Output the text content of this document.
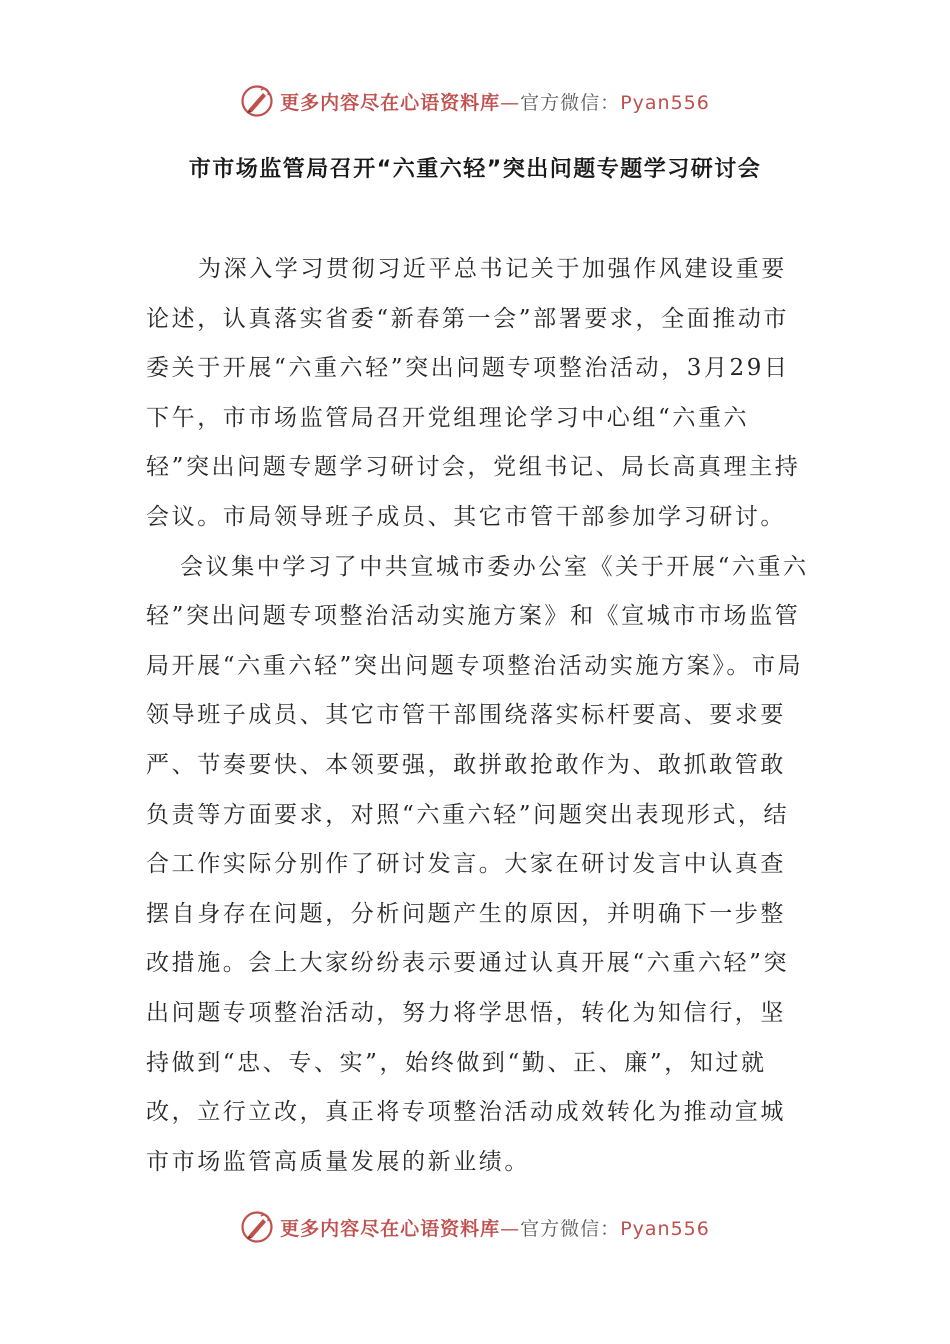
更多内容尽在心语资料库—官方微信：Pyan556
市市场监管局召开“六重六轻”突出问题专题学习研讨会

为深入学习贯彻习近平总书记关于加强作风建设重要论述，认真落实省委“新春第一会”部署要求，全面推动市委关于开展“六重六轻”突出问题专项整治活动，3月29日下午，市市场监管局召开党组理论学习中心组“六重六轻”突出问题专题学习研讨会，党组书记、局长高真理主持会议。市局领导班子成员、其它市管干部参加学习研讨。

会议集中学习了中共宣城市委办公室《关于开展“六重六轻”突出问题专项整治活动实施方案》和《宣城市市场监管局开展“六重六轻”突出问题专项整治活动实施方案》。市局领导班子成员、其它市管干部围绕落实标杆要高、要求要严、节奏要快、本领要强，敢拼敢抢敢作为、敢抓敢管敢负责等方面要求，对照“六重六轻”问题突出表现形式，结合工作实际分别作了研讨发言。大家在研讨发言中认真查摆自身存在问题，分析问题产生的原因，并明确下一步整改措施。会上大家纷纷表示要通过认真开展“六重六轻”突出问题专项整治活动，努力将学思悟，转化为知信行，坚持做到“忠、专、实”，始终做到“勤、正、廉”，知过就改，立行立改，真正将专项整治活动成效转化为推动宣城市市场监管高质量发展的新业绩。

更多内容尽在心语资料库—官方微信：Pyan556
